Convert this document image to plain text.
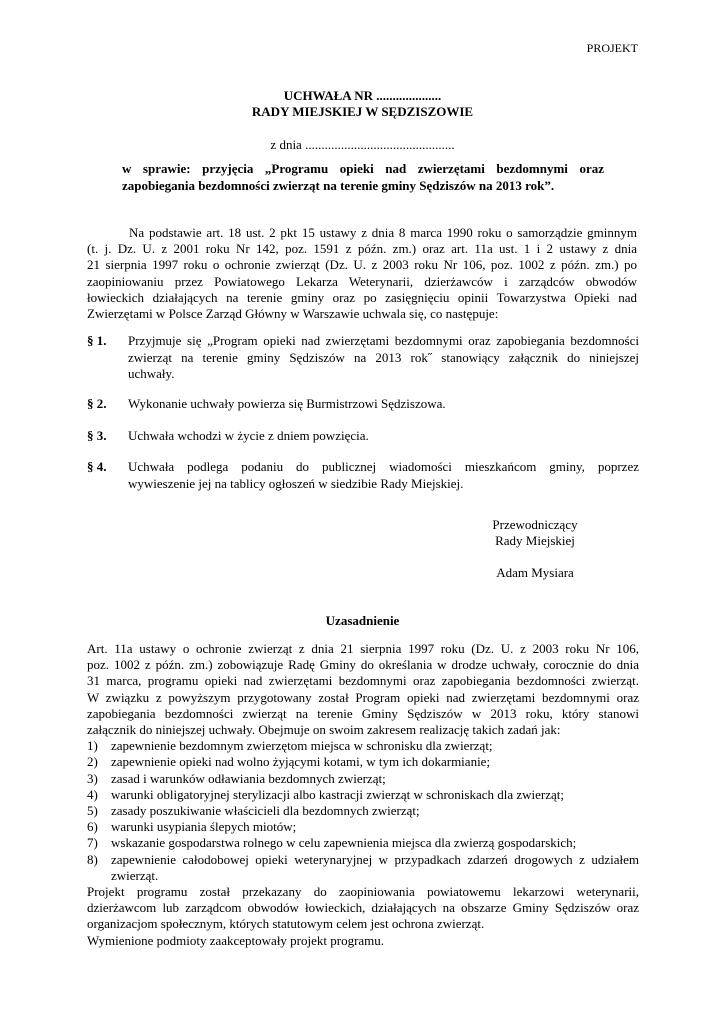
PROJEKT
UCHWAŁA NR ....................
RADY MIEJSKIEJ W SĘDZISZOWIE
z dnia ..............................................
w sprawie: przyjęcia „Programu opieki nad zwierzętami bezdomnymi oraz
zapobiegania bezdomności zwierząt na terenie gminy Sędziszów na 2013 rok”.
Na podstawie art. 18 ust. 2 pkt 15 ustawy z dnia 8 marca 1990 roku o samorządzie gminnym
(t. j. Dz. U. z 2001 roku Nr 142, poz. 1591 z późn. zm.) oraz art. 11a ust. 1 i 2 ustawy z dnia
21 sierpnia 1997 roku o ochronie zwierząt (Dz. U. z 2003 roku Nr 106, poz. 1002 z późn. zm.) po
zaopiniowaniu przez Powiatowego Lekarza Weterynarii, dzierżawców i zarządców obwodów
łowieckich działających na terenie gminy oraz po zasięgnięciu opinii Towarzystwa Opieki nad
Zwierzętami w Polsce Zarząd Główny w Warszawie uchwala się, co następuje:
§ 1. Przyjmuje się „Program opieki nad zwierzętami bezdomnymi oraz zapobiegania bezdomności
zwierząt na terenie gminy Sędziszów na 2013 rok˝ stanowiący załącznik do niniejszej
uchwały.
§ 2. Wykonanie uchwały powierza się Burmistrzowi Sędziszowa.
§ 3. Uchwała wchodzi w życie z dniem powzięcia.
§ 4. Uchwała podlega podaniu do publicznej wiadomości mieszkańcom gminy, poprzez
wywieszenie jej na tablicy ogłoszeń w siedzibie Rady Miejskiej.
Przewodniczący
Rady Miejskiej
Adam Mysiara
Uzasadnienie
Art. 11a ustawy o ochronie zwierząt z dnia 21 sierpnia 1997 roku (Dz. U. z 2003 roku Nr 106,
poz. 1002 z późn. zm.) zobowiązuje Radę Gminy do określania w drodze uchwały, corocznie do dnia
31 marca, programu opieki nad zwierzętami bezdomnymi oraz zapobiegania bezdomności zwierząt.
W związku z powyższym przygotowany został Program opieki nad zwierzętami bezdomnymi oraz
zapobiegania bezdomności zwierząt na terenie Gminy Sędziszów w 2013 roku, który stanowi
załącznik do niniejszej uchwały. Obejmuje on swoim zakresem realizację takich zadań jak:
1) zapewnienie bezdomnym zwierzętom miejsca w schronisku dla zwierząt;
2) zapewnienie opieki nad wolno żyjącymi kotami, w tym ich dokarmianie;
3) zasad i warunków odławiania bezdomnych zwierząt;
4) warunki obligatoryjnej sterylizacji albo kastracji zwierząt w schroniskach dla zwierząt;
5) zasady poszukiwanie właścicieli dla bezdomnych zwierząt;
6) warunki usypiania ślepych miotów;
7) wskazanie gospodarstwa rolnego w celu zapewnienia miejsca dla zwierzą gospodarskich;
8) zapewnienie całodobowej opieki weterynaryjnej w przypadkach zdarzeń drogowych z udziałem
zwierząt.
Projekt programu został przekazany do zaopiniowania powiatowemu lekarzowi weterynarii,
dzierżawcom lub zarządcom obwodów łowieckich, działających na obszarze Gminy Sędziszów oraz
organizacjom społecznym, których statutowym celem jest ochrona zwierząt.
Wymienione podmioty zaakceptowały projekt programu.
